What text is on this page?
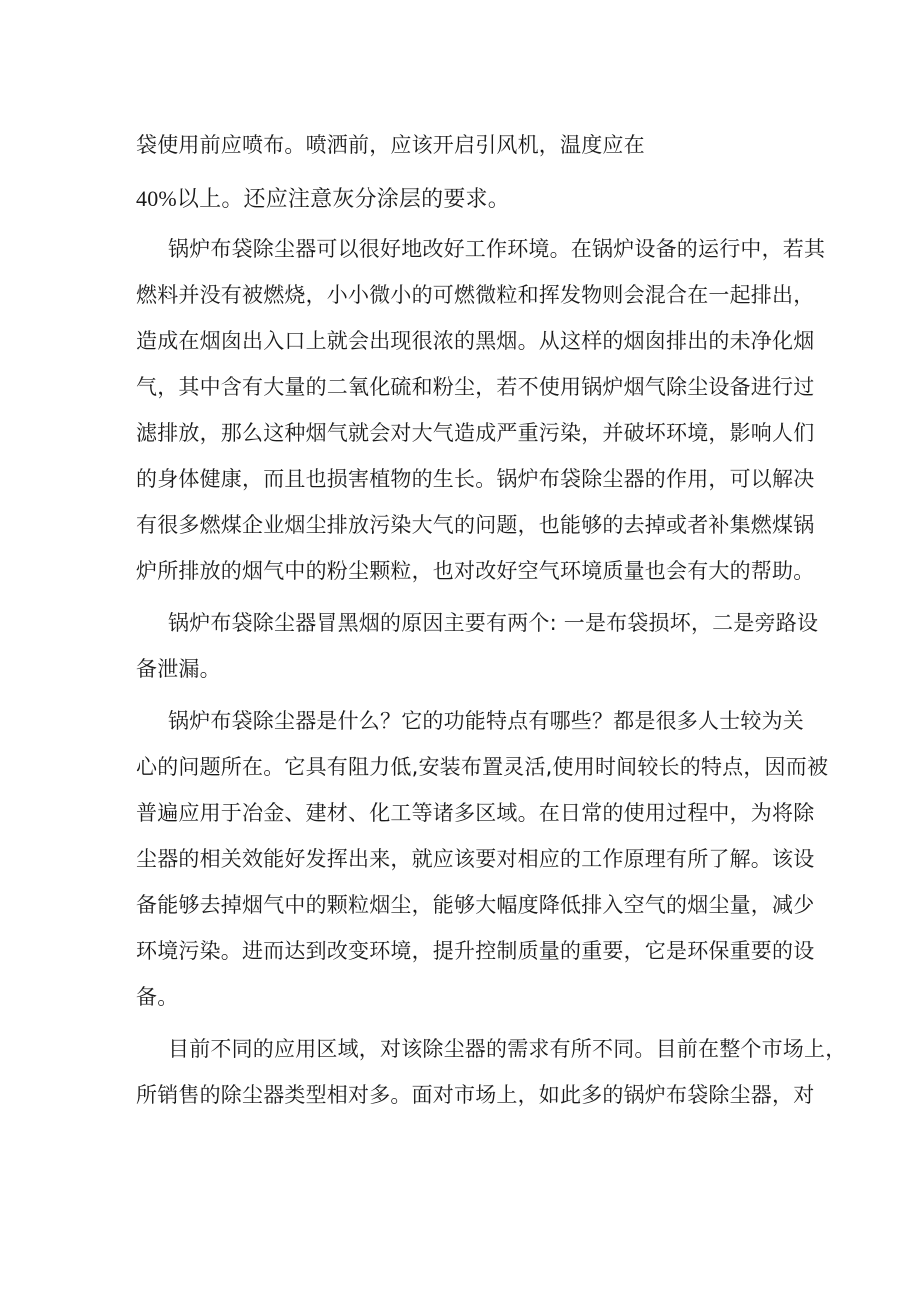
袋使用前应喷布。喷洒前，应该开启引风机，温度应在

40%以上。还应注意灰分涂层的要求。

锅炉布袋除尘器可以很好地改好工作环境。在锅炉设备的运行中，若其

燃料并没有被燃烧，小小微小的可燃微粒和挥发物则会混合在一起排出，

造成在烟囱出入口上就会出现很浓的黑烟。从这样的烟囱排出的未净化烟

气，其中含有大量的二氧化硫和粉尘，若不使用锅炉烟气除尘设备进行过

滤排放，那么这种烟气就会对大气造成严重污染，并破坏环境，影响人们

的身体健康，而且也损害植物的生长。锅炉布袋除尘器的作用，可以解决

有很多燃煤企业烟尘排放污染大气的问题，也能够的去掉或者补集燃煤锅

炉所排放的烟气中的粉尘颗粒，也对改好空气环境质量也会有大的帮助。

锅炉布袋除尘器冒黑烟的原因主要有两个: 一是布袋损坏，二是旁路设

备泄漏。

锅炉布袋除尘器是什么？它的功能特点有哪些？都是很多人士较为关

心的问题所在。它具有阻力低,安装布置灵活,使用时间较长的特点，因而被

普遍应用于冶金、建材、化工等诸多区域。在日常的使用过程中，为将除

尘器的相关效能好发挥出来，就应该要对相应的工作原理有所了解。该设

备能够去掉烟气中的颗粒烟尘，能够大幅度降低排入空气的烟尘量，减少

环境污染。进而达到改变环境，提升控制质量的重要，它是环保重要的设

备。

目前不同的应用区域，对该除尘器的需求有所不同。目前在整个市场上，

所销售的除尘器类型相对多。面对市场上，如此多的锅炉布袋除尘器，对
